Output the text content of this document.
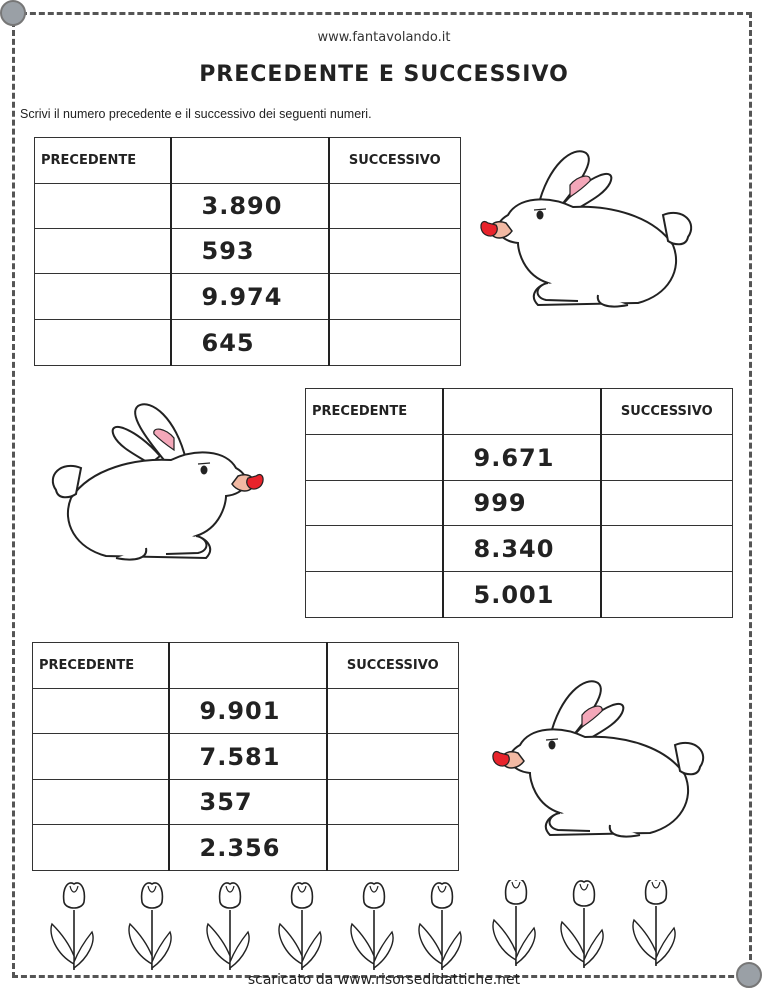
www.fantavolando.it
PRECEDENTE E SUCCESSIVO
Scrivi il numero precedente e il successivo dei seguenti numeri.
PRECEDENTE		SUCCESSIVO
	3.890	
	593	
	9.974	
	645	
PRECEDENTE		SUCCESSIVO
	9.671	
	999	
	8.340	
	5.001	
PRECEDENTE		SUCCESSIVO
	9.901	
	7.581	
	357	
	2.356	
scaricato da www.risorsedidattiche.net
